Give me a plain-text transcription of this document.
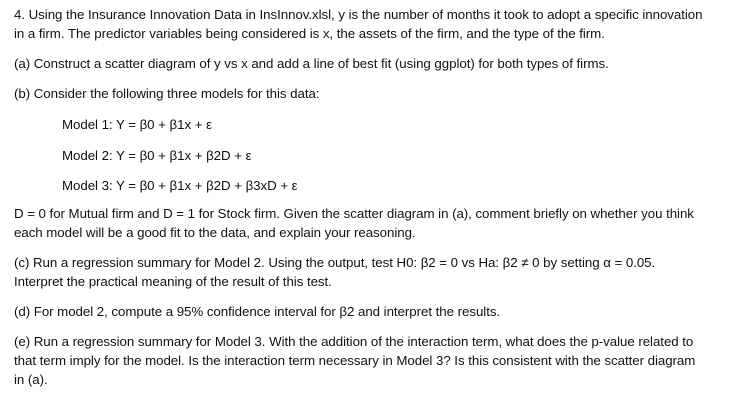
4. Using the Insurance Innovation Data in InsInnov.xlsl, y is the number of months it took to adopt a specific innovation
in a firm. The predictor variables being considered is x, the assets of the firm, and the type of the firm.
(a) Construct a scatter diagram of y vs x and add a line of best fit (using ggplot) for both types of firms.
(b) Consider the following three models for this data:
Model 1: Y = β0 + β1x + ε
Model 2: Y = β0 + β1x + β2D + ε
Model 3: Y = β0 + β1x + β2D + β3xD + ε
D = 0 for Mutual firm and D = 1 for Stock firm. Given the scatter diagram in (a), comment briefly on whether you think
each model will be a good fit to the data, and explain your reasoning.
(c) Run a regression summary for Model 2. Using the output, test H0: β2 = 0 vs Ha: β2 ≠ 0 by setting α = 0.05.
Interpret the practical meaning of the result of this test.
(d) For model 2, compute a 95% confidence interval for β2 and interpret the results.
(e) Run a regression summary for Model 3. With the addition of the interaction term, what does the p-value related to
that term imply for the model. Is the interaction term necessary in Model 3? Is this consistent with the scatter diagram
in (a).
